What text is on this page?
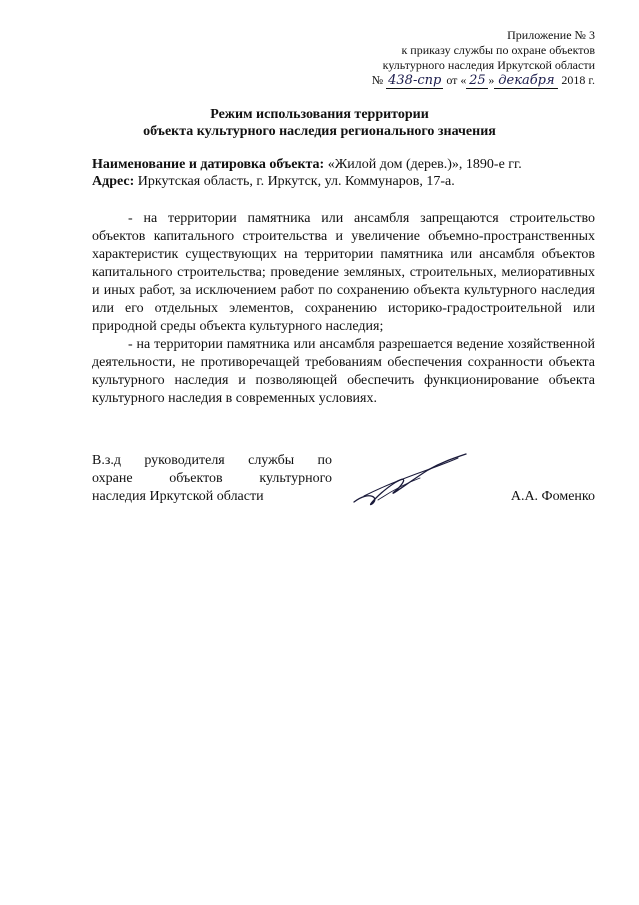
Приложение № 3
к приказу службы по охране объектов
культурного наследия Иркутской области
№ 438-спр от « 25 » декабря 2018 г.
Режим использования территории
объекта культурного наследия регионального значения
Наименование и датировка объекта: «Жилой дом (дерев.)», 1890-е гг.
Адрес: Иркутская область, г. Иркутск, ул. Коммунаров, 17-а.

- на территории памятника или ансамбля запрещаются строительство объектов капитального строительства и увеличение объемно-пространственных характеристик существующих на территории памятника или ансамбля объектов капитального строительства; проведение земляных, строительных, мелиоративных и иных работ, за исключением работ по сохранению объекта культурного наследия или его отдельных элементов, сохранению историко-градостроительной или природной среды объекта культурного наследия;

- на территории памятника или ансамбля разрешается ведение хозяйственной деятельности, не противоречащей требованиям обеспечения сохранности объекта культурного наследия и позволяющей обеспечить функционирование объекта культурного наследия в современных условиях.

В.з.д руководителя службы по
охране объектов культурного
наследия Иркутской области	А.А. Фоменко
